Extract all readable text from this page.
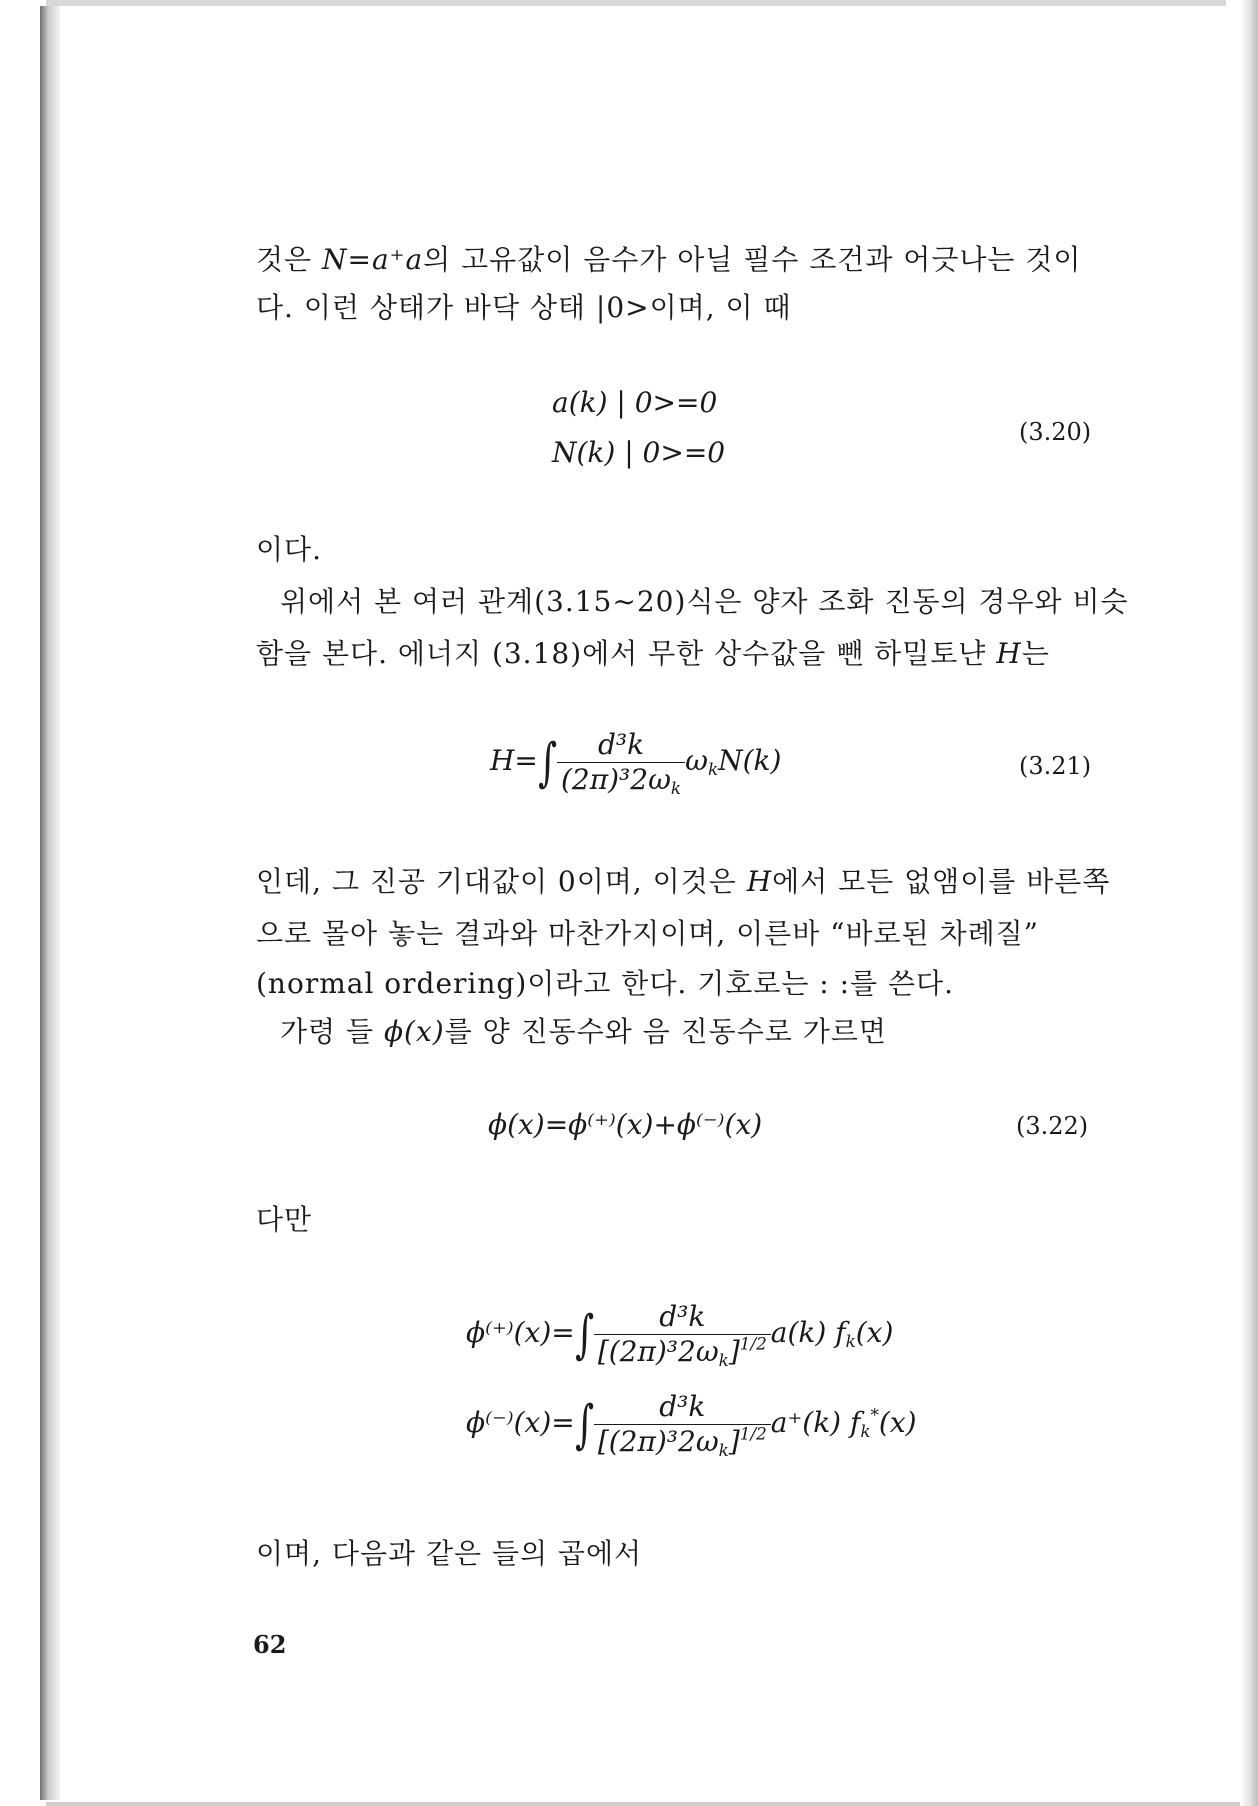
것은 N=a⁺a의 고유값이 음수가 아닐 필수 조건과 어긋나는 것이
다. 이런 상태가 바닥 상태 |0>이며, 이 때
a(k) | 0>=0
N(k) | 0>=0
(3.20)
이다.
위에서 본 여러 관계(3.15∼20)식은 양자 조화 진동의 경우와 비슷
함을 본다. 에너지 (3.18)에서 무한 상수값을 뺀 하밀토냔 H는
$H=\int \frac{\text{d³k}}{(2\pi)^32\omega_k} \omega_kN(k)$	(3.21)
인데, 그 진공 기대값이 0이며, 이것은 H에서 모든 없앰이를 바른쪽
으로 몰아 놓는 결과와 마찬가지이며, 이른바 “바로된 차례질”
(normal ordering)이라고 한다. 기호로는 : :를 쓴다.
가령 들 ϕ(x)를 양 진동수와 음 진동수로 가르면
ϕ(x)=ϕ⁽⁺⁾(x)+ϕ⁽⁻⁾(x)	(3.22)
다만
$\phi^{(+)}(x)=\int \frac{\text{d³k}}{[(2\pi)^32\omega_k]^{1/2}} a(k)$ $f_k(x)$
$\phi^{(-)}(x)=\int \frac{\text{d³k}}{[(2\pi)^32\omega_k]^{1/2}} a^+(k)$ $f_k^*(x)$
이며, 다음과 같은 들의 곱에서
62
